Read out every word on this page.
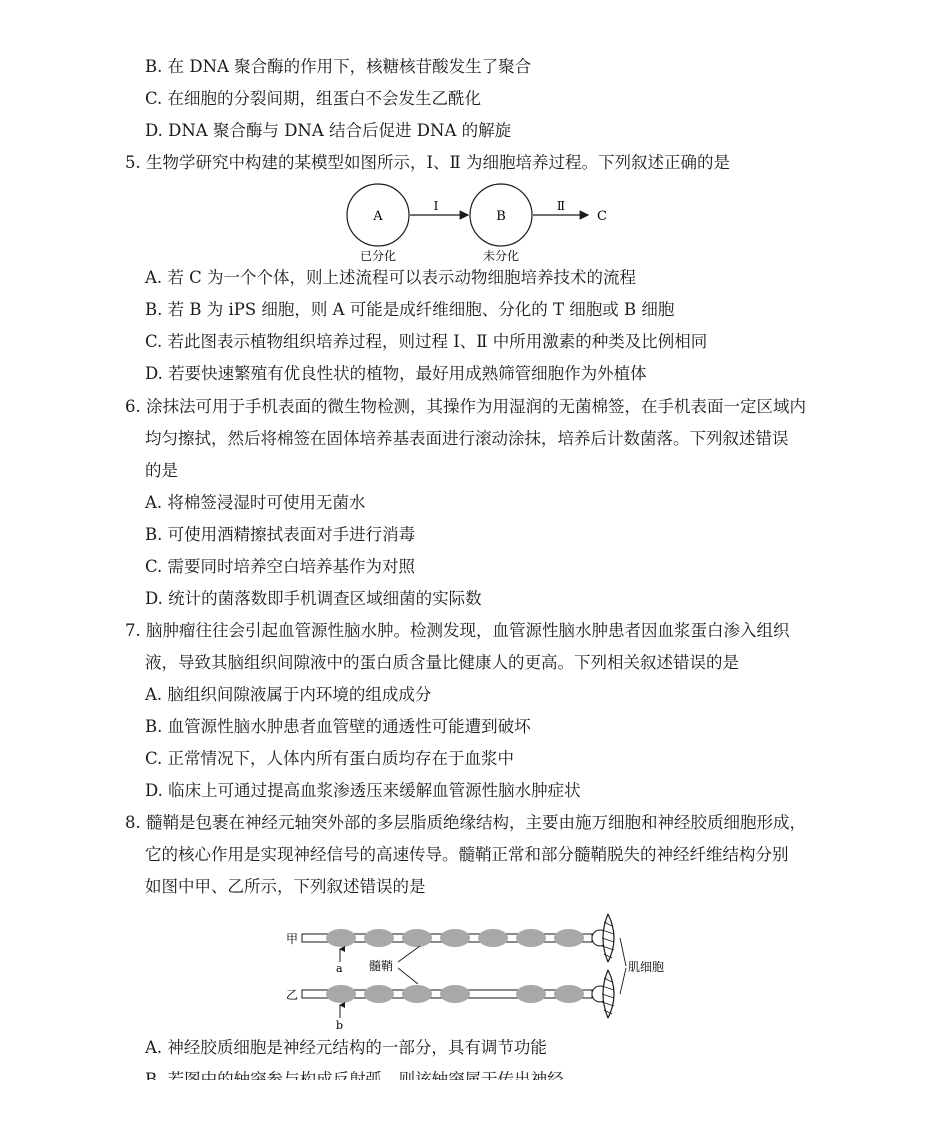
B. 在 DNA 聚合酶的作用下，核糖核苷酸发生了聚合
C. 在细胞的分裂间期，组蛋白不会发生乙酰化
D. DNA 聚合酶与 DNA 结合后促进 DNA 的解旋
5. 生物学研究中构建的某模型如图所示，Ⅰ、Ⅱ 为细胞培养过程。下列叙述正确的是
A
Ⅰ
B
Ⅱ
C
已分化	未分化
A. 若 C 为一个个体，则上述流程可以表示动物细胞培养技术的流程
B. 若 B 为 iPS 细胞，则 A 可能是成纤维细胞、分化的 T 细胞或 B 细胞
C. 若此图表示植物组织培养过程，则过程 Ⅰ、Ⅱ 中所用激素的种类及比例相同
D. 若要快速繁殖有优良性状的植物，最好用成熟筛管细胞作为外植体
6. 涂抹法可用于手机表面的微生物检测，其操作为用湿润的无菌棉签，在手机表面一定区域内
均匀擦拭，然后将棉签在固体培养基表面进行滚动涂抹，培养后计数菌落。下列叙述错误
的是
A. 将棉签浸湿时可使用无菌水
B. 可使用酒精擦拭表面对手进行消毒
C. 需要同时培养空白培养基作为对照
D. 统计的菌落数即手机调查区域细菌的实际数
7. 脑肿瘤往往会引起血管源性脑水肿。检测发现，血管源性脑水肿患者因血浆蛋白渗入组织
液，导致其脑组织间隙液中的蛋白质含量比健康人的更高。下列相关叙述错误的是
A. 脑组织间隙液属于内环境的组成成分
B. 血管源性脑水肿患者血管壁的通透性可能遭到破坏
C. 正常情况下，人体内所有蛋白质均存在于血浆中
D. 临床上可通过提高血浆渗透压来缓解血管源性脑水肿症状
8. 髓鞘是包裹在神经元轴突外部的多层脂质绝缘结构，主要由施万细胞和神经胶质细胞形成，
它的核心作用是实现神经信号的高速传导。髓鞘正常和部分髓鞘脱失的神经纤维结构分别
如图中甲、乙所示，下列叙述错误的是
甲
a 髓鞘	肌细胞
乙
b
A. 神经胶质细胞是神经元结构的一部分，具有调节功能
